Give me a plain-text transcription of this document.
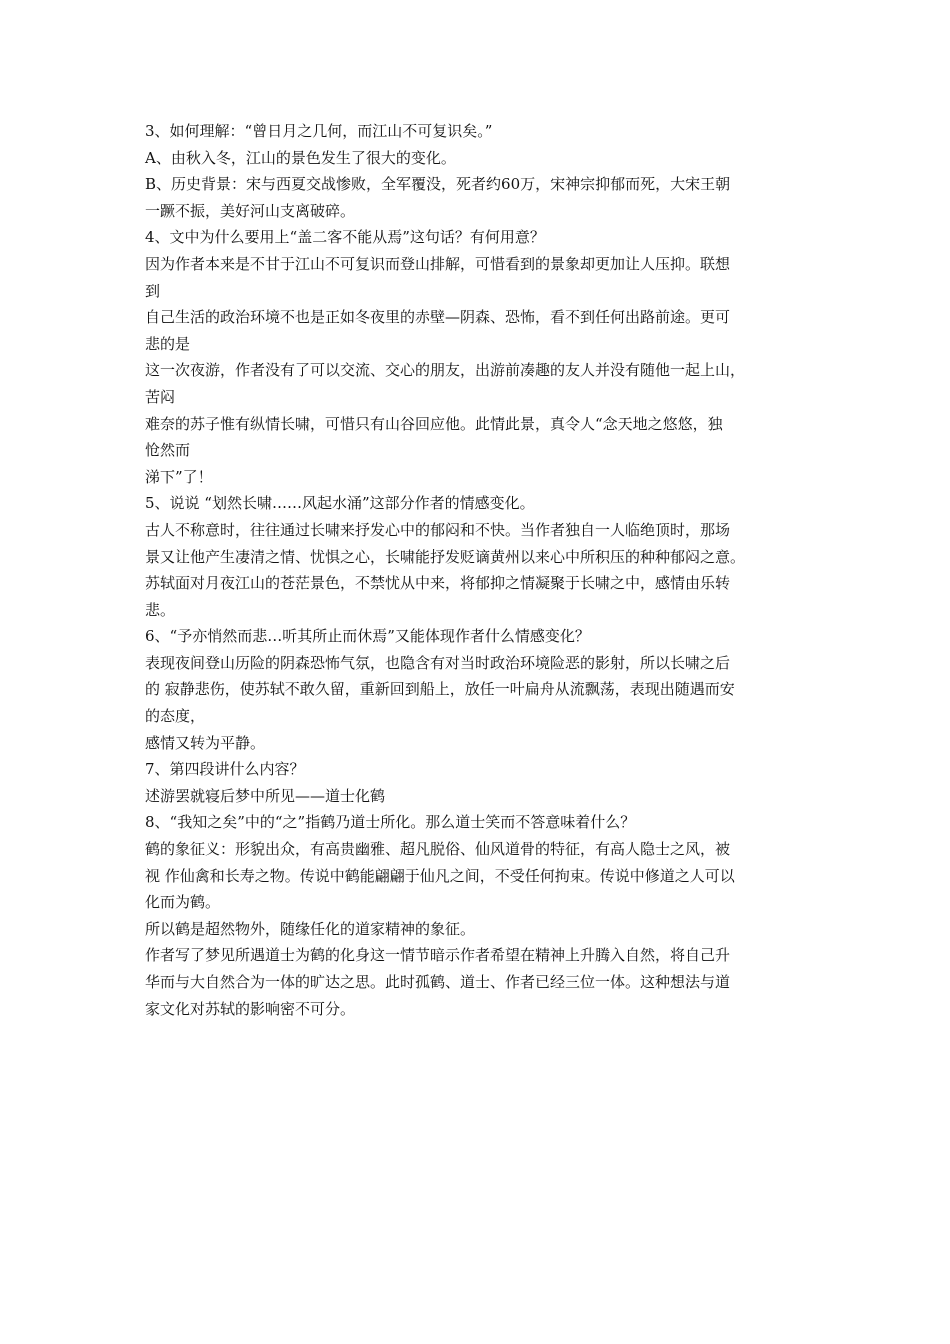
3、如何理解：“曾日月之几何，而江山不可复识矣。”
A、由秋入冬，江山的景色发生了很大的变化。
B、历史背景：宋与西夏交战惨败，全军覆没，死者约60万，宋神宗抑郁而死，大宋王朝
一蹶不振，美好河山支离破碎。
4、文中为什么要用上“盖二客不能从焉”这句话？有何用意？
因为作者本来是不甘于江山不可复识而登山排解，可惜看到的景象却更加让人压抑。联想
到
自己生活的政治环境不也是正如冬夜里的赤壁—阴森、恐怖，看不到任何出路前途。更可
悲的是
这一次夜游，作者没有了可以交流、交心的朋友，出游前凑趣的友人并没有随他一起上山，
苦闷
难奈的苏子惟有纵情长啸，可惜只有山谷回应他。此情此景，真令人“念天地之悠悠，独
怆然而
涕下”了！
5、说说 “划然长啸……风起水涌”这部分作者的情感变化。
古人不称意时，往往通过长啸来抒发心中的郁闷和不快。当作者独自一人临绝顶时，那场
景又让他产生凄清之情、忧惧之心，长啸能抒发贬谪黄州以来心中所积压的种种郁闷之意。
苏轼面对月夜江山的苍茫景色，不禁忧从中来，将郁抑之情凝聚于长啸之中，感情由乐转
悲。
6、“予亦悄然而悲…听其所止而休焉”又能体现作者什么情感变化？
表现夜间登山历险的阴森恐怖气氛，也隐含有对当时政治环境险恶的影射，所以长啸之后
的 寂静悲伤，使苏轼不敢久留，重新回到船上，放任一叶扁舟从流飘荡，表现出随遇而安
的态度，
感情又转为平静。
7、第四段讲什么内容？
述游罢就寝后梦中所见——道士化鹤
8、“我知之矣”中的“之”指鹤乃道士所化。那么道士笑而不答意味着什么？
鹤的象征义：形貌出众，有高贵幽雅、超凡脱俗、仙风道骨的特征，有高人隐士之风，被
视 作仙禽和长寿之物。传说中鹤能翩翩于仙凡之间，不受任何拘束。传说中修道之人可以
化而为鹤。
所以鹤是超然物外，随缘任化的道家精神的象征。
作者写了梦见所遇道士为鹤的化身这一情节暗示作者希望在精神上升腾入自然，将自己升
华而与大自然合为一体的旷达之思。此时孤鹤、道士、作者已经三位一体。这种想法与道
家文化对苏轼的影响密不可分。
